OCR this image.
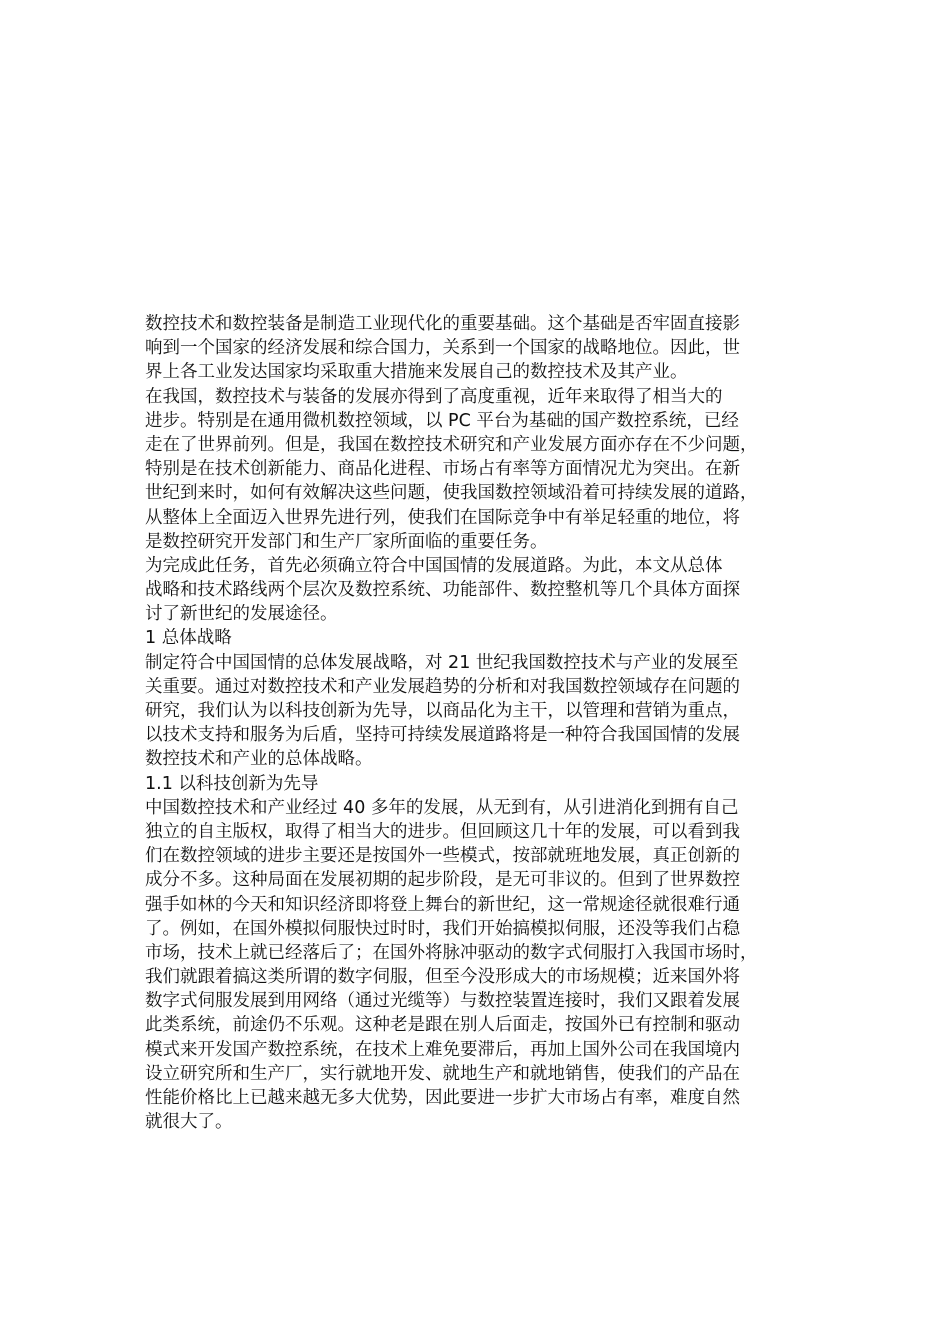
数控技术和数控装备是制造工业现代化的重要基础。这个基础是否牢固直接影
响到一个国家的经济发展和综合国力，关系到一个国家的战略地位。因此，世
界上各工业发达国家均采取重大措施来发展自己的数控技术及其产业。
在我国，数控技术与装备的发展亦得到了高度重视，近年来取得了相当大的
进步。特别是在通用微机数控领域，以 PC 平台为基础的国产数控系统，已经
走在了世界前列。但是，我国在数控技术研究和产业发展方面亦存在不少问题，
特别是在技术创新能力、商品化进程、市场占有率等方面情况尤为突出。在新
世纪到来时，如何有效解决这些问题，使我国数控领域沿着可持续发展的道路，
从整体上全面迈入世界先进行列，使我们在国际竞争中有举足轻重的地位，将
是数控研究开发部门和生产厂家所面临的重要任务。
为完成此任务，首先必须确立符合中国国情的发展道路。为此，本文从总体
战略和技术路线两个层次及数控系统、功能部件、数控整机等几个具体方面探
讨了新世纪的发展途径。
1 总体战略
制定符合中国国情的总体发展战略，对 21 世纪我国数控技术与产业的发展至
关重要。通过对数控技术和产业发展趋势的分析和对我国数控领域存在问题的
研究，我们认为以科技创新为先导，以商品化为主干，以管理和营销为重点，
以技术支持和服务为后盾，坚持可持续发展道路将是一种符合我国国情的发展
数控技术和产业的总体战略。
1.1 以科技创新为先导
中国数控技术和产业经过 40 多年的发展，从无到有，从引进消化到拥有自己
独立的自主版权，取得了相当大的进步。但回顾这几十年的发展，可以看到我
们在数控领域的进步主要还是按国外一些模式，按部就班地发展，真正创新的
成分不多。这种局面在发展初期的起步阶段，是无可非议的。但到了世界数控
强手如林的今天和知识经济即将登上舞台的新世纪，这一常规途径就很难行通
了。例如，在国外模拟伺服快过时时，我们开始搞模拟伺服，还没等我们占稳
市场，技术上就已经落后了；在国外将脉冲驱动的数字式伺服打入我国市场时，
我们就跟着搞这类所谓的数字伺服，但至今没形成大的市场规模；近来国外将
数字式伺服发展到用网络（通过光缆等）与数控装置连接时，我们又跟着发展
此类系统，前途仍不乐观。这种老是跟在别人后面走，按国外已有控制和驱动
模式来开发国产数控系统，在技术上难免要滞后，再加上国外公司在我国境内
设立研究所和生产厂，实行就地开发、就地生产和就地销售，使我们的产品在
性能价格比上已越来越无多大优势，因此要进一步扩大市场占有率，难度自然
就很大了。
